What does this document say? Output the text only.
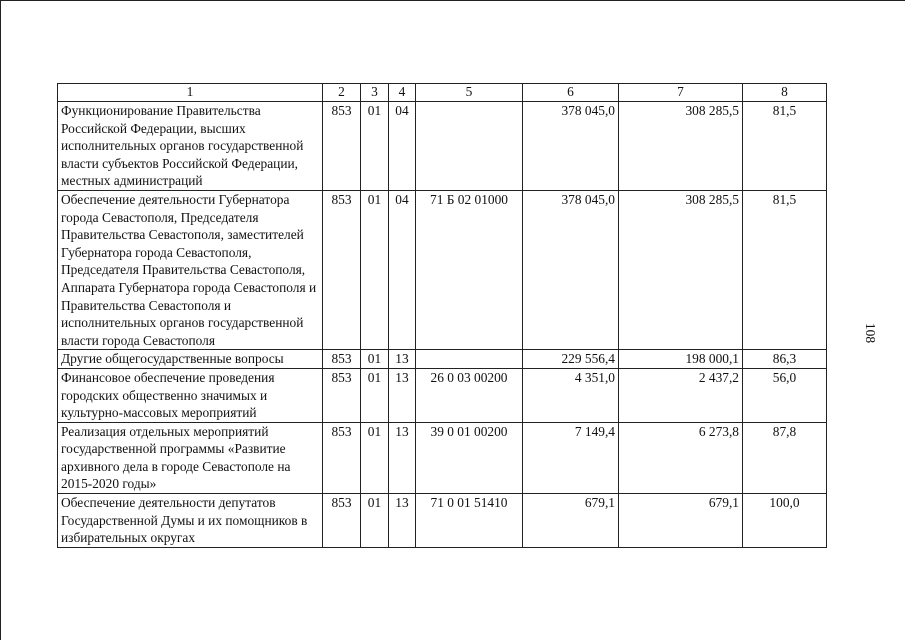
1	2	3	4	5	6	7	8
Функционирование Правительства Российской Федерации, высших исполнительных органов государственной власти субъектов Российской Федерации, местных администраций	853	01	04		378 045,0	308 285,5	81,5
Обеспечение деятельности Губернатора города Севастополя, Председателя Правительства Севастополя, заместителей Губернатора города Севастополя, Председателя Правительства Севастополя, Аппарата Губернатора города Севастополя и Правительства Севастополя и исполнительных органов государственной власти города Севастополя	853	01	04	71 Б 02 01000	378 045,0	308 285,5	81,5
Другие общегосударственные вопросы	853	01	13		229 556,4	198 000,1	86,3
Финансовое обеспечение проведения городских общественно значимых и культурно-массовых мероприятий	853	01	13	26 0 03 00200	4 351,0	2 437,2	56,0
Реализация отдельных мероприятий государственной программы «Развитие архивного дела в городе Севастополе на 2015-2020 годы»	853	01	13	39 0 01 00200	7 149,4	6 273,8	87,8
Обеспечение деятельности депутатов Государственной Думы и их помощников в избирательных округах	853	01	13	71 0 01 51410	679,1	679,1	100,0
108
